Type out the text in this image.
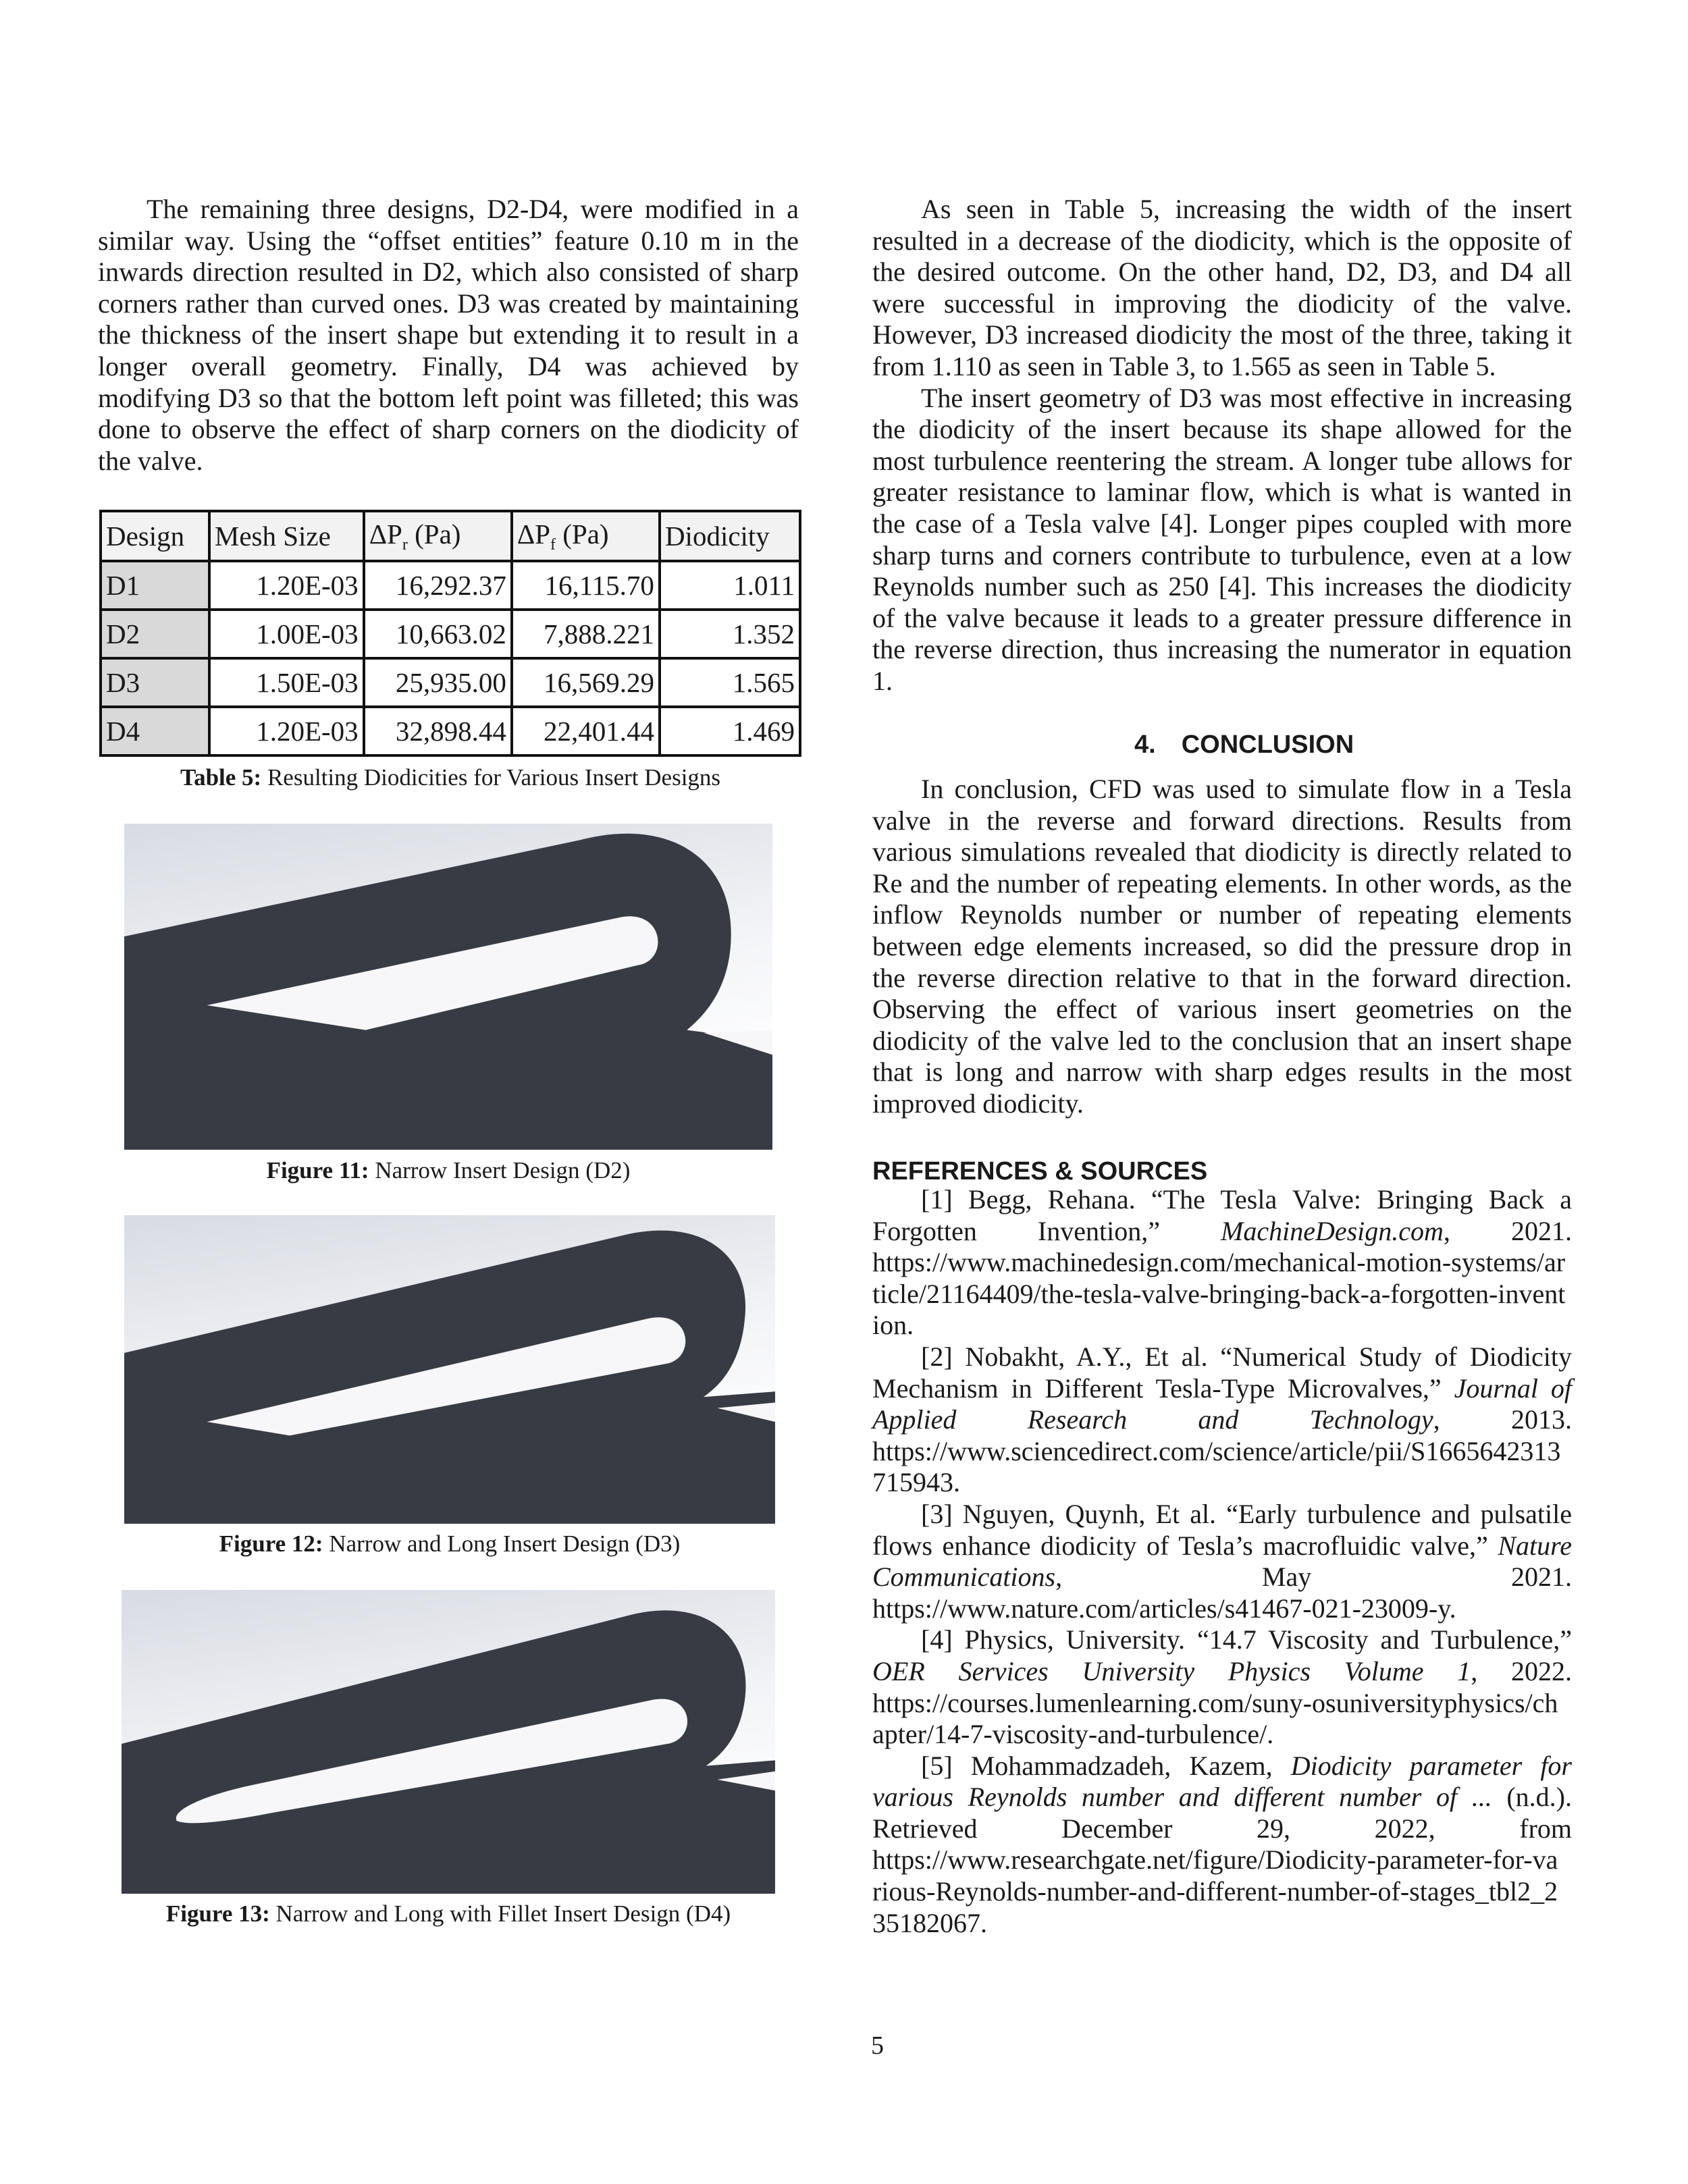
The remaining three designs, D2-D4, were modified in a
similar way. Using the “offset entities” feature 0.10 m in the
inwards direction resulted in D2, which also consisted of sharp
corners rather than curved ones. D3 was created by maintaining
the thickness of the insert shape but extending it to result in a
longer overall geometry. Finally, D4 was achieved by
modifying D3 so that the bottom left point was filleted; this was
done to observe the effect of sharp corners on the diodicity of
the valve.
Design	Mesh Size	$\Delta P_r$ (Pa)	$\Delta P_f$ (Pa)	Diodicity
D1	1.20E-03	16,292.37	16,115.70	1.011
D2	1.00E-03	10,663.02	7,888.221	1.352
D3	1.50E-03	25,935.00	16,569.29	1.565
D4	1.20E-03	32,898.44	22,401.44	1.469
Table 5: Resulting Diodicities for Various Insert Designs
Figure 11: Narrow Insert Design (D2)
Figure 12: Narrow and Long Insert Design (D3)
Figure 13: Narrow and Long with Fillet Insert Design (D4)
As seen in Table 5, increasing the width of the insert
resulted in a decrease of the diodicity, which is the opposite of
the desired outcome. On the other hand, D2, D3, and D4 all
were successful in improving the diodicity of the valve.
However, D3 increased diodicity the most of the three, taking it
from 1.110 as seen in Table 3, to 1.565 as seen in Table 5.
The insert geometry of D3 was most effective in increasing
the diodicity of the insert because its shape allowed for the
most turbulence reentering the stream. A longer tube allows for
greater resistance to laminar flow, which is what is wanted in
the case of a Tesla valve [4]. Longer pipes coupled with more
sharp turns and corners contribute to turbulence, even at a low
Reynolds number such as 250 [4]. This increases the diodicity
of the valve because it leads to a greater pressure difference in
the reverse direction, thus increasing the numerator in equation
1.
4. CONCLUSION
In conclusion, CFD was used to simulate flow in a Tesla
valve in the reverse and forward directions. Results from
various simulations revealed that diodicity is directly related to
Re and the number of repeating elements. In other words, as the
inflow Reynolds number or number of repeating elements
between edge elements increased, so did the pressure drop in
the reverse direction relative to that in the forward direction.
Observing the effect of various insert geometries on the
diodicity of the valve led to the conclusion that an insert shape
that is long and narrow with sharp edges results in the most
improved diodicity.
REFERENCES & SOURCES
[1] Begg, Rehana. “The Tesla Valve: Bringing Back a
Forgotten Invention,” MachineDesign.com, 2021.
https://www.machinedesign.com/mechanical-motion-systems/ar
ticle/21164409/the-tesla-valve-bringing-back-a-forgotten-invent
ion.
[2] Nobakht, A.Y., Et al. “Numerical Study of Diodicity
Mechanism in Different Tesla-Type Microvalves,” Journal of
Applied Research and Technology, 2013.
https://www.sciencedirect.com/science/article/pii/S1665642313
715943.
[3] Nguyen, Quynh, Et al. “Early turbulence and pulsatile
flows enhance diodicity of Tesla’s macrofluidic valve,” Nature
Communications, May 2021.
https://www.nature.com/articles/s41467-021-23009-y.
[4] Physics, University. “14.7 Viscosity and Turbulence,”
OER Services University Physics Volume 1, 2022.
https://courses.lumenlearning.com/suny-osuniversityphysics/ch
apter/14-7-viscosity-and-turbulence/.
[5] Mohammadzadeh, Kazem, Diodicity parameter for
various Reynolds number and different number of ... (n.d.).
Retrieved December 29, 2022, from
https://www.researchgate.net/figure/Diodicity-parameter-for-va
rious-Reynolds-number-and-different-number-of-stages_tbl2_2
35182067.
5
